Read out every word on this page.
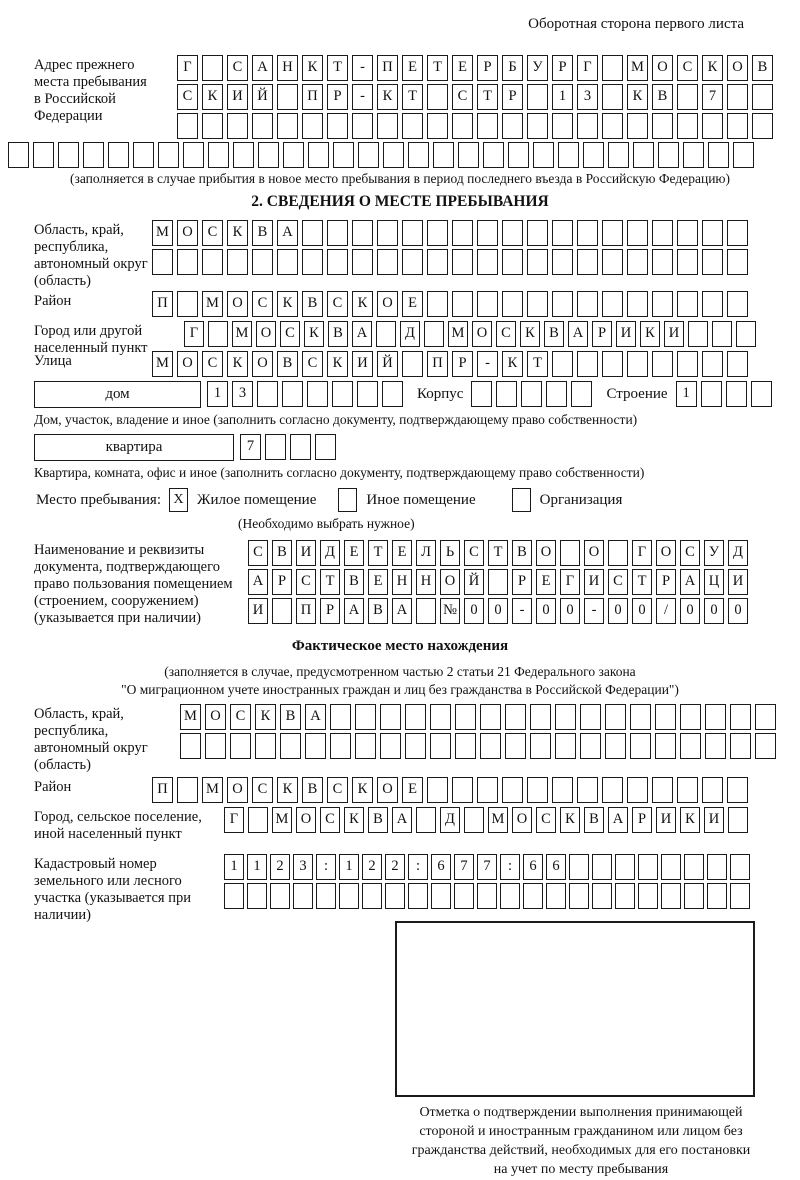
Оборотная сторона первого листа
Адрес прежнего места пребывания в Российской Федерации
Г	С А Н К Т - П Е Т Е Р Б У Р Г	М О С К О В
С К И Й	П Р - К Т	С Т Р	1 3	К В	7
(заполняется в случае прибытия в новое место пребывания в период последнего въезда в Российскую Федерацию)
2. СВЕДЕНИЯ О МЕСТЕ ПРЕБЫВАНИЯ
Область, край, республика, автономный округ (область)
М О С К В А
Район	П	М О С К В С К О Е
Город или другой населенный пункт
Г	М О С К В А	Д	М О С К В А Р И К И
Улица	М О С К О В С К И Й	П Р - К Т
дом	1 3	Корпус	Строение 1
Дом, участок, владение и иное (заполнить согласно документу, подтверждающему право собственности)
квартира	7
Квартира, комната, офис и иное (заполнить согласно документу, подтверждающему право собственности)
Место пребывания: X Жилое помещение	Иное помещение	Организация
(Необходимо выбрать нужное)
Наименование и реквизиты документа, подтверждающего право пользования помещением (строением, сооружением) (указывается при наличии)
С В И Д Е Т Е Л Ь С Т В О	О	Г О С У Д
А Р С Т В Е Н Н О Й	Р Е Г И С Т Р А Ц И
И	П Р А В А № 0 0 - 0 0 - 0 0 / 0 0 0
Фактическое место нахождения
(заполняется в случае, предусмотренном частью 2 статьи 21 Федерального закона
"О миграционном учете иностранных граждан и лиц без гражданства в Российской Федерации")
Область, край, республика, автономный округ (область)
М О С К В А
Район	П	М О С К В С К О Е
Город, сельское поселение, иной населенный пункт
Г	М О С К В А	Д	М О С К В А Р И К И
Кадастровый номер земельного или лесного участка (указывается при наличии)
1 1 2 3 : 1 2 2 : 6 7 7 : 6 6
Отметка о подтверждении выполнения принимающей
стороной и иностранным гражданином или лицом без
гражданства действий, необходимых для его постановки
на учет по месту пребывания
